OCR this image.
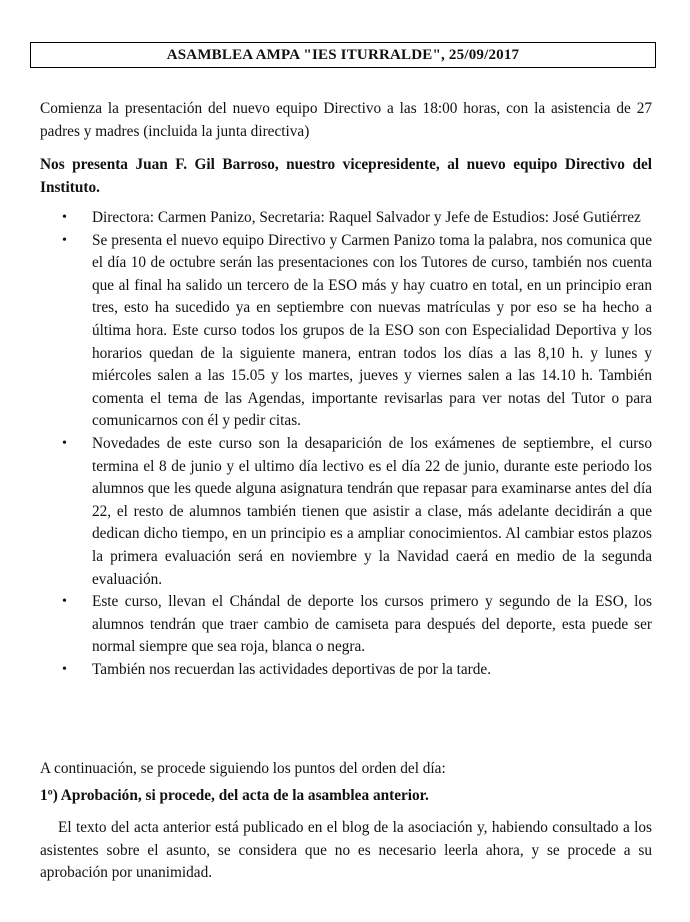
ASAMBLEA AMPA "IES ITURRALDE", 25/09/2017

Comienza la presentación del nuevo equipo Directivo a las 18:00 horas, con la asistencia de 27 padres y madres (incluida la junta directiva)

Nos presenta Juan F. Gil Barroso, nuestro vicepresidente, al nuevo equipo Directivo del Instituto.

• Directora: Carmen Panizo, Secretaria: Raquel Salvador y Jefe de Estudios: José Gutiérrez
• Se presenta el nuevo equipo Directivo y Carmen Panizo toma la palabra, nos comunica que el día 10 de octubre serán las presentaciones con los Tutores de curso, también nos cuenta que al final ha salido un tercero de la ESO más y hay cuatro en total, en un principio eran tres, esto ha sucedido ya en septiembre con nuevas matrículas y por eso se ha hecho a última hora. Este curso todos los grupos de la ESO son con Especialidad Deportiva y los horarios quedan de la siguiente manera, entran todos los días a las 8,10 h. y lunes y miércoles salen a las 15.05 y los martes, jueves y viernes salen a las 14.10 h. También comenta el tema de las Agendas, importante revisarlas para ver notas del Tutor o para comunicarnos con él y pedir citas.
• Novedades de este curso son la desaparición de los exámenes de septiembre, el curso termina el 8 de junio y el ultimo día lectivo es el día 22 de junio, durante este periodo los alumnos que les quede alguna asignatura tendrán que repasar para examinarse antes del día 22, el resto de alumnos también tienen que asistir a clase, más adelante decidirán a que dedican dicho tiempo, en un principio es a ampliar conocimientos. Al cambiar estos plazos la primera evaluación será en noviembre y la Navidad caerá en medio de la segunda evaluación.
• Este curso, llevan el Chándal de deporte los cursos primero y segundo de la ESO, los alumnos tendrán que traer cambio de camiseta para después del deporte, esta puede ser normal siempre que sea roja, blanca o negra.
• También nos recuerdan las actividades deportivas de por la tarde.

A continuación, se procede siguiendo los puntos del orden del día:

1º) Aprobación, si procede, del acta de la asamblea anterior.

El texto del acta anterior está publicado en el blog de la asociación y, habiendo consultado a los asistentes sobre el asunto, se considera que no es necesario leerla ahora, y se procede a su aprobación por unanimidad.
